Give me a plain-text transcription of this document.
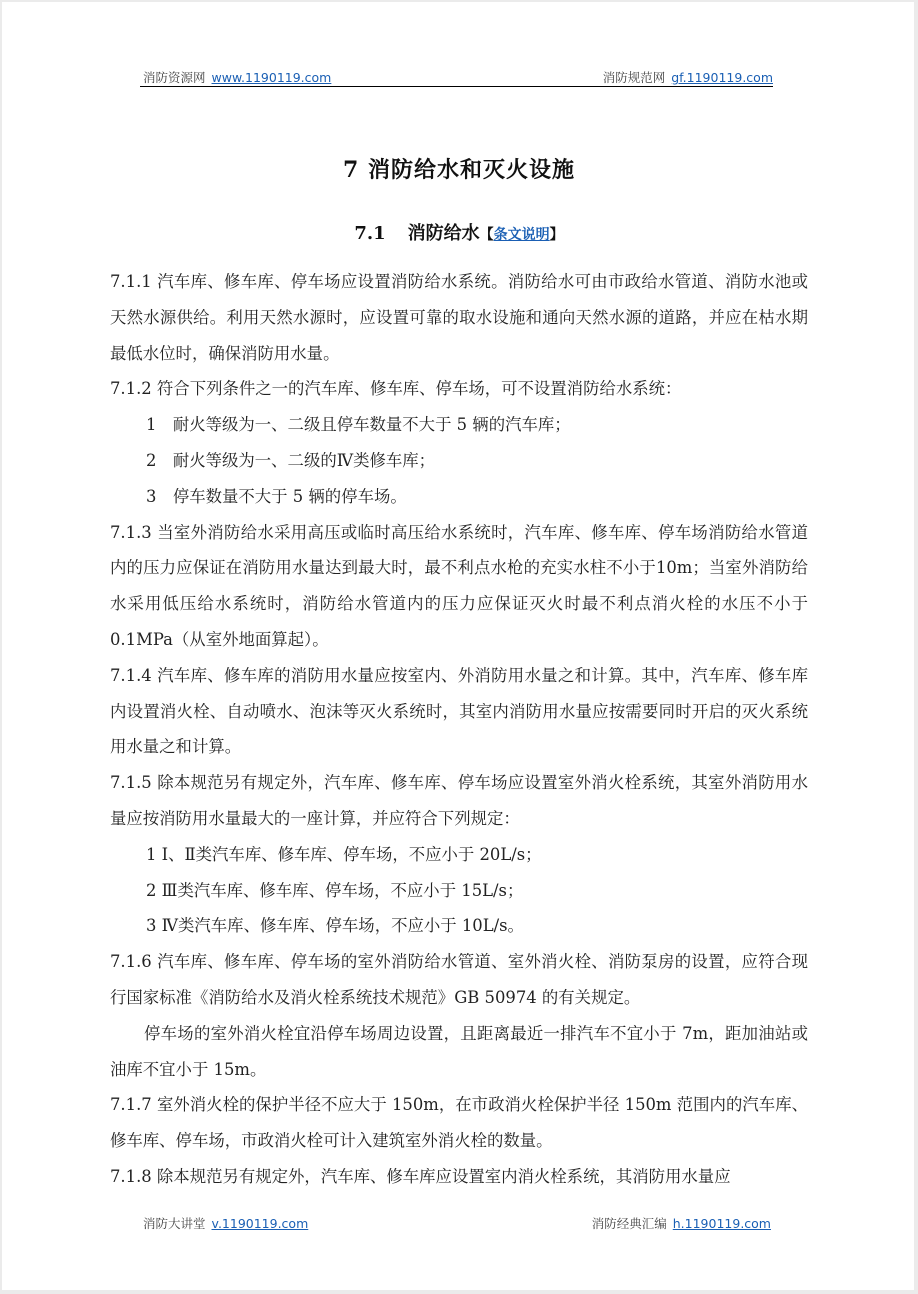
消防资源网 www.1190119.com	消防规范网 gf.1190119.com
7 消防给水和灭火设施
7.1 消防给水【条文说明】

7.1.1 汽车库、修车库、停车场应设置消防给水系统。消防给水可由市政给水管道、消防水池或天然水源供给。利用天然水源时，应设置可靠的取水设施和通向天然水源的道路，并应在枯水期最低水位时，确保消防用水量。

7.1.2 符合下列条件之一的汽车库、修车库、停车场，可不设置消防给水系统：

1　耐火等级为一、二级且停车数量不大于 5 辆的汽车库；

2　耐火等级为一、二级的Ⅳ类修车库；

3　停车数量不大于 5 辆的停车场。

7.1.3 当室外消防给水采用高压或临时高压给水系统时，汽车库、修车库、停车场消防给水管道内的压力应保证在消防用水量达到最大时，最不利点水枪的充实水柱不小于10m；当室外消防给水采用低压给水系统时，消防给水管道内的压力应保证灭火时最不利点消火栓的水压不小于 0.1MPa（从室外地面算起）。

7.1.4 汽车库、修车库的消防用水量应按室内、外消防用水量之和计算。其中，汽车库、修车库内设置消火栓、自动喷水、泡沫等灭火系统时，其室内消防用水量应按需要同时开启的灭火系统用水量之和计算。

7.1.5 除本规范另有规定外，汽车库、修车库、停车场应设置室外消火栓系统，其室外消防用水量应按消防用水量最大的一座计算，并应符合下列规定：

1 Ⅰ、Ⅱ类汽车库、修车库、停车场，不应小于 20L/s；

2 Ⅲ类汽车库、修车库、停车场，不应小于 15L/s；

3 Ⅳ类汽车库、修车库、停车场，不应小于 10L/s。

7.1.6 汽车库、修车库、停车场的室外消防给水管道、室外消火栓、消防泵房的设置，应符合现行国家标准《消防给水及消火栓系统技术规范》GB 50974 的有关规定。

停车场的室外消火栓宜沿停车场周边设置，且距离最近一排汽车不宜小于 7m，距加油站或油库不宜小于 15m。

7.1.7 室外消火栓的保护半径不应大于 150m，在市政消火栓保护半径 150m 范围内的汽车库、修车库、停车场，市政消火栓可计入建筑室外消火栓的数量。

7.1.8 除本规范另有规定外，汽车库、修车库应设置室内消火栓系统，其消防用水量应

消防大讲堂 v.1190119.com	消防经典汇编 h.1190119.com
